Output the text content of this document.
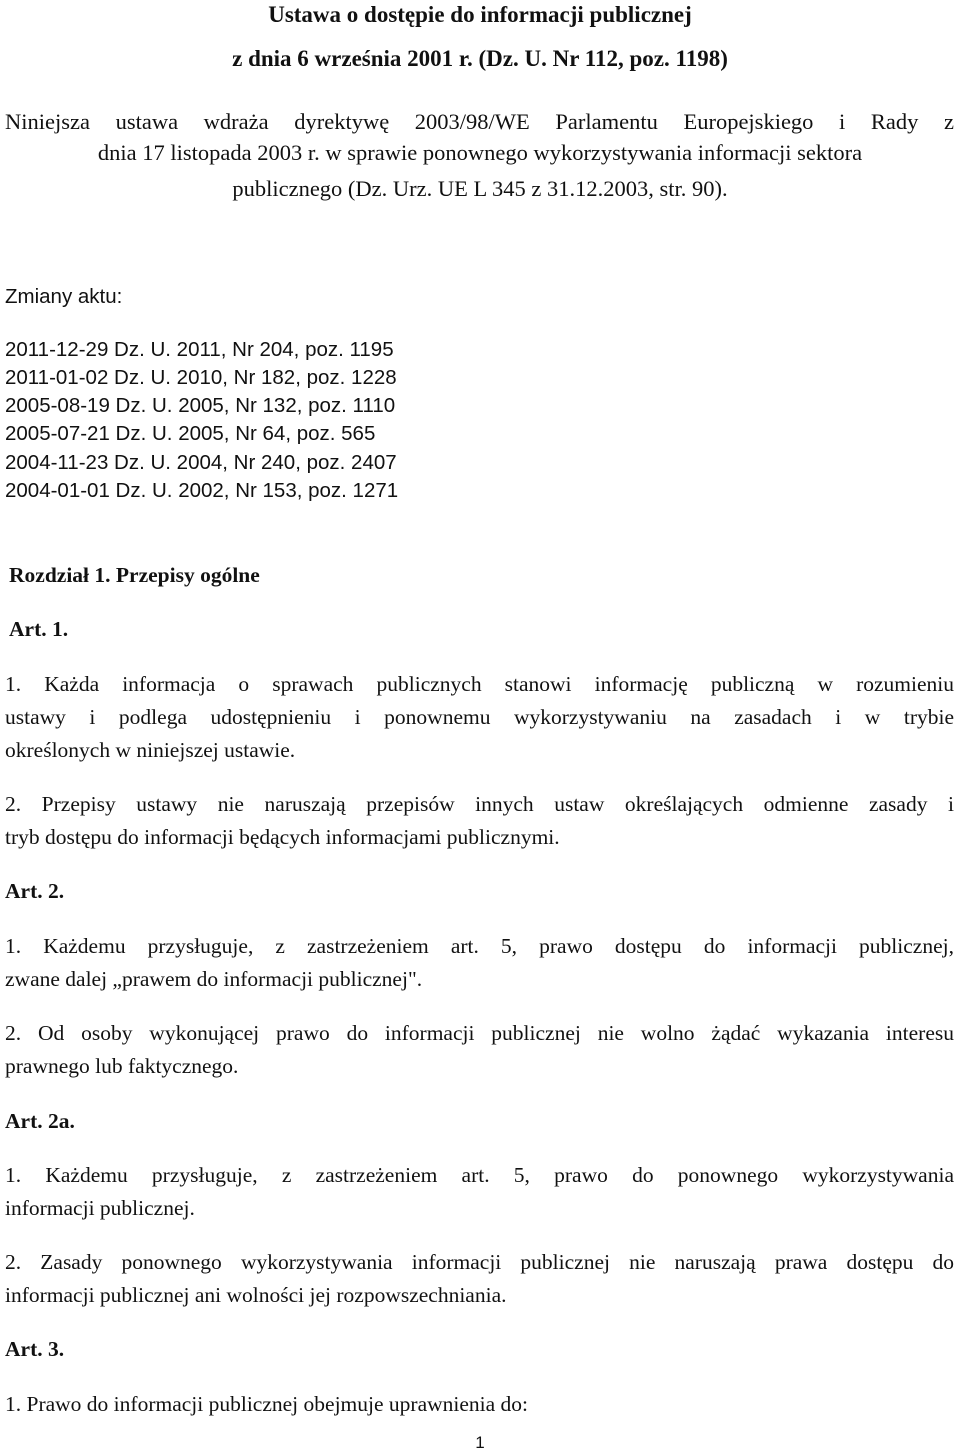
Ustawa o dostępie do informacji publicznej

z dnia 6 września 2001 r. (Dz. U. Nr 112, poz. 1198)

Niniejsza ustawa wdraża dyrektywę 2003/98/WE Parlamentu Europejskiego i Rady z

dnia 17 listopada 2003 r. w sprawie ponownego wykorzystywania informacji sektora

publicznego (Dz. Urz. UE L 345 z 31.12.2003, str. 90).

Zmiany aktu:

2011-12-29 Dz. U. 2011, Nr 204, poz. 1195

2011-01-02 Dz. U. 2010, Nr 182, poz. 1228

2005-08-19 Dz. U. 2005, Nr 132, poz. 1110

2005-07-21 Dz. U. 2005, Nr 64, poz. 565

2004-11-23 Dz. U. 2004, Nr 240, poz. 2407

2004-01-01 Dz. U. 2002, Nr 153, poz. 1271

Rozdział 1. Przepisy ogólne

Art. 1.

1. Każda informacja o sprawach publicznych stanowi informację publiczną w rozumieniu

ustawy i podlega udostępnieniu i ponownemu wykorzystywaniu na zasadach i w trybie

określonych w niniejszej ustawie.

2. Przepisy ustawy nie naruszają przepisów innych ustaw określających odmienne zasady i

tryb dostępu do informacji będących informacjami publicznymi.

Art. 2.

1. Każdemu przysługuje, z zastrzeżeniem art. 5, prawo dostępu do informacji publicznej,

zwane dalej „prawem do informacji publicznej".

2. Od osoby wykonującej prawo do informacji publicznej nie wolno żądać wykazania interesu

prawnego lub faktycznego.

Art. 2a.

1. Każdemu przysługuje, z zastrzeżeniem art. 5, prawo do ponownego wykorzystywania

informacji publicznej.

2. Zasady ponownego wykorzystywania informacji publicznej nie naruszają prawa dostępu do

informacji publicznej ani wolności jej rozpowszechniania.

Art. 3.

1. Prawo do informacji publicznej obejmuje uprawnienia do:

1
